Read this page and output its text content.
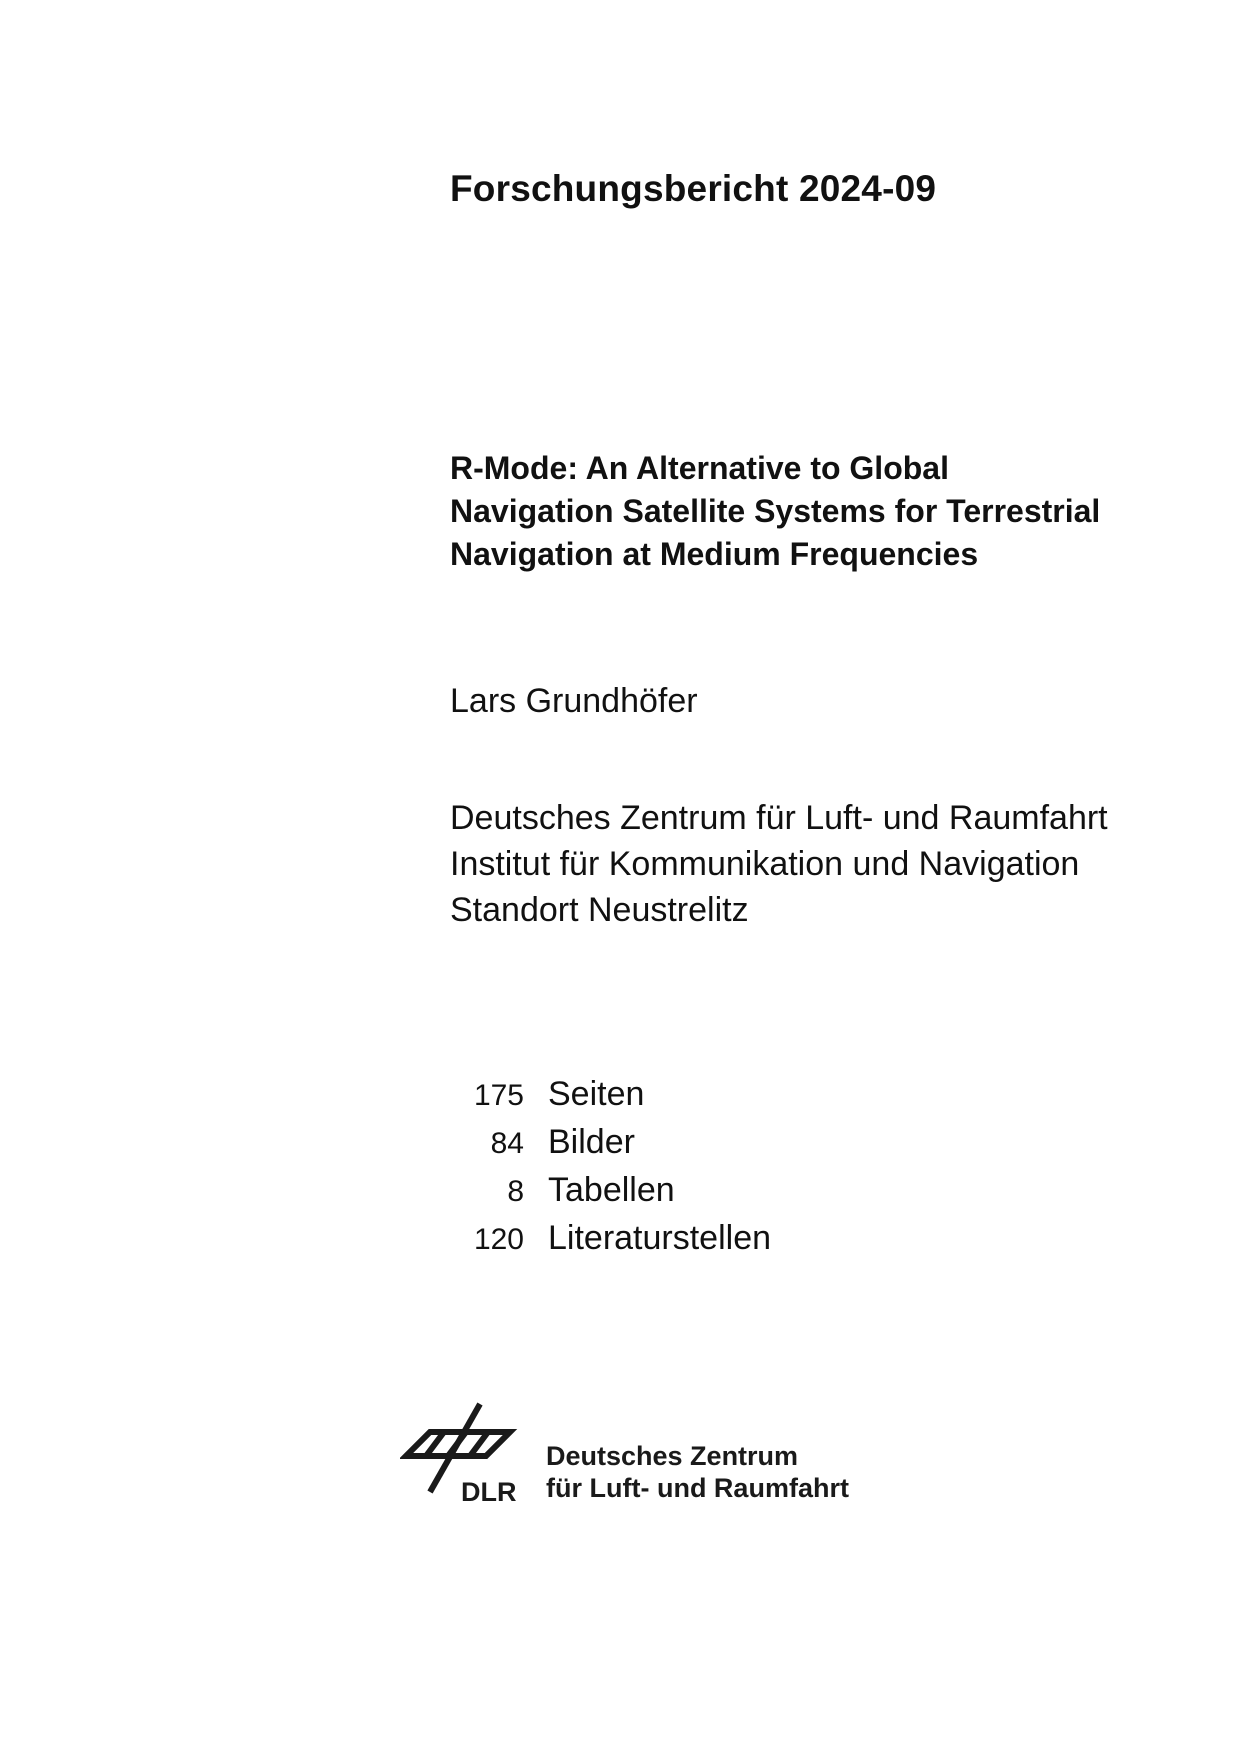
Forschungsbericht 2024-09
R-Mode: An Alternative to Global
Navigation Satellite Systems for Terrestrial
Navigation at Medium Frequencies

Lars Grundhöfer

Deutsches Zentrum für Luft- und Raumfahrt
Institut für Kommunikation und Navigation
Standort Neustrelitz

175 Seiten
84 Bilder
8 Tabellen
120 Literaturstellen
DLR
Deutsches Zentrum
für Luft- und Raumfahrt
